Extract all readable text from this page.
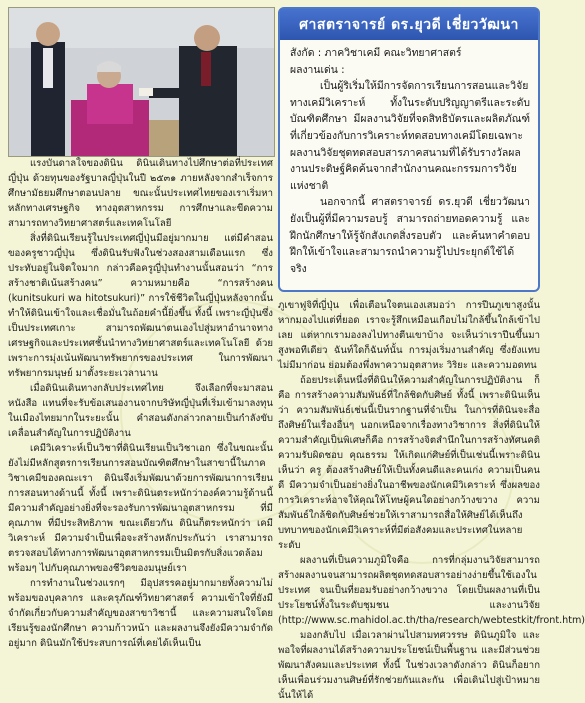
ศาสตราจารย์ ดร.ยุวดี เชี่ยววัฒนา

สังกัด : ภาควิชาเคมี คณะวิทยาศาสตร์

ผลงานเด่น :

เป็นผู้ริเริ่มให้มีการจัดการเรียนการสอนและวิจัยทางเคมีวิเคราะห์ ทั้งในระดับปริญญาตรีและระดับบัณฑิตศึกษา มีผลงานวิจัยที่จดสิทธิบัตรและผลิตภัณฑ์ที่เกี่ยวข้องกับการวิเคราะห์ทดสอบทางเคมีโดยเฉพาะ ผลงานวิจัยชุดทดสอบสารภาคสนามที่ได้รับรางวัลผลงานประดิษฐ์คิดค้นจากสำนักงานคณะกรรมการวิจัยแห่งชาติ

นอกจากนี้ ศาสตราจารย์ ดร.ยุวดี เชี่ยววัฒนา ยังเป็นผู้ที่มีความรอบรู้ สามารถถ่ายทอดความรู้ และฝึกนักศึกษาให้รู้จักสังเกตสิ่งรอบตัว และค้นหาคำตอบ ฝึกให้เข้าใจและสามารถนำความรู้ไปประยุกต์ใช้ได้จริง

แรงบันดาลใจของดินิน ดินินเดินทางไปศึกษาต่อที่ประเทศญี่ปุ่น ด้วยทุนของรัฐบาลญี่ปุ่นในปี ๒๕๓๑ ภายหลังจากสำเร็จการศึกษามัธยมศึกษาตอนปลาย ขณะนั้นประเทศไทยของเราเริ่มหาหลักทางเศรษฐกิจ ทางอุตสาหกรรม การศึกษาและขีดความสามารถทางวิทยาศาสตร์และเทคโนโลยี

สิ่งที่ดินินเรียนรู้ในประเทศญี่ปุ่นมีอยู่มากมาย แต่มีคำสอนของครูชาวญี่ปุ่น ซึ่งดินินรับฟังในช่วงสองสามเดือนแรก ซึ่งประทับอยู่ในจิตใจมาก กล่าวคือครูญี่ปุ่นทำงานนั้นสอนว่า “การสร้างชาติเน้นสร้างคน” ความหมายคือ “การสร้างคน (kunitsukuri wa hitotsukuri)” การใช้ชีวิตในญี่ปุ่นหลังจากนั้น ทำให้ดินินเข้าใจและเชื่อมั่นในถ้อยคำนี้ยิ่งขึ้น ทั้งนี้ เพราะญี่ปุ่นซึ่งเป็นประเทศเกาะ สามารถพัฒนาตนเองไปสู่มหาอำนาจทางเศรษฐกิจและประเทศชั้นนำทางวิทยาศาสตร์และเทคโนโลยี ด้วยเพราะการมุ่งเน้นพัฒนาทรัพยากรของประเทศ ในการพัฒนาทรัพยากรมนุษย์ มาตั้งระยะเวลานาน

เมื่อดินินเดินทางกลับประเทศไทย จึงเลือกที่จะมาสอนหนังสือ แทนที่จะรับข้อเสนองานจากบริษัทญี่ปุ่นที่เริ่มเข้ามาลงทุนในเมืองไทยมากในระยะนั้น คำสอนดังกล่าวกลายเป็นกำลังขับเคลื่อนสำคัญในการปฏิบัติงาน

เคมีวิเคราะห์เป็นวิชาที่ดินินเรียนเป็นวิชาเอก ซึ่งในขณะนั้นยังไม่มีหลักสูตรการเรียนการสอนบัณฑิตศึกษาในสาขานี้ในภาควิชาเคมีของคณะเรา ดินินจึงเริ่มพัฒนาด้วยการพัฒนาการเรียนการสอนทางด้านนี้ ทั้งนี้ เพราะดินินตระหนักว่าองค์ความรู้ด้านนี้ มีความสำคัญอย่างยิ่งที่จะรองรับการพัฒนาอุตสาหกรรม ที่มีคุณภาพ ที่มีประสิทธิภาพ ขณะเดียวกัน ดินินก็ตระหนักว่า เคมีวิเคราะห์ มีความจำเป็นเพื่อจะสร้างหลักประกันว่า เราสามารถตรวจสอบได้ทางการพัฒนาอุตสาหกรรมเป็นมิตรกับสิ่งแวดล้อม พร้อมๆ ไปกับคุณภาพของชีวิตของมนุษย์เรา

การทำงานในช่วงแรกๆ มีอุปสรรคอยู่มากมายทั้งความไม่พร้อมของบุคลากร และครุภัณฑ์วิทยาศาสตร์ ความเข้าใจที่ยังมีจำกัดเกี่ยวกับความสำคัญของสาขาวิชานี้ และความสนใจโดยเรียนรู้ของนักศึกษา ความก้าวหน้า และผลงานจึงยังมีความจำกัดอยู่มาก ดินินมักใช้ประสบการณ์ที่เคยได้เห็นเป็น

ภูเขาฟูจิที่ญี่ปุ่น เพื่อเตือนใจตนเองเสมอว่า การปีนภูเขาสูงนั้นหากมองไปแต่ที่ยอด เราจะรู้สึกเหมือนเกือบไม่ใกล้ขึ้นใกล้เข้าไปเลย แต่หากเรามองลงไปทางตีนเขาบ้าง จะเห็นว่าเราปีนขึ้นมาสูงพอทีเดียว ฉันท์ใดก็ฉันท์นั้น การมุ่งเริ่มงานสำคัญ ซึ่งยังแทบไม่มีมาก่อน ย่อมต้องพึ่งพาความอุตสาหะ วิริยะ และความอดทน

ถ้อยประเด็นหนึ่งที่ดินินให้ความสำคัญในการปฏิบัติงาน ก็คือ การสร้างความสัมพันธ์ที่ใกล้ชิดกับศิษย์ ทั้งนี้ เพราะดินินเห็นว่า ความสัมพันธ์เช่นนี้เป็นรากฐานที่จำเป็น ในการที่ดินินจะสื่อถึงศิษย์ในเรื่องอื่นๆ นอกเหนือจากเรื่องทางวิชาการ สิ่งที่ดินินให้ความสำคัญเป็นพิเศษก็คือ การสร้างจิตสำนึกในการสร้างทัศนคติความรับผิดชอบ คุณธรรม ให้เกิดแก่ศิษย์ที่เป็นเช่นนี้เพราะดินินเห็นว่า ครู ต้องสร้างศิษย์ให้เป็นทั้งคนดีและคนเก่ง ความเป็นคนดี มีความจำเป็นอย่างยิ่งในอาชีพของนักเคมีวิเคราะห์ ซึ่งผลของการวิเคราะห์อาจให้คุณให้โทษผู้คนใดอย่างกว้างขวาง ความสัมพันธ์ใกล้ชิดกับศิษย์ช่วยให้เราสามารถสื่อให้ศิษย์ได้เห็นถึงบทบาทของนักเคมีวิเคราะห์ที่มีต่อสังคมและประเทศในหลายระดับ

ผลงานที่เป็นความภูมิใจคือ การที่กลุ่มงานวิจัยสามารถสร้างผลงานจนสามารถผลิตชุดทดสอบสารอย่างง่ายขึ้นใช้เองในประเทศ จนเป็นที่ยอมรับอย่างกว้างขวาง โดยเป็นผลงานที่เป็นประโยชน์ทั้งในระดับชุมชน และงานวิจัย (http://www.sc.mahidol.ac.th/tha/research/webtestkit/front.htm)

มองกลับไป เมื่อเวลาผ่านไปสามทศวรรษ ดินินภูมิใจ และพอใจที่ผลงานได้สร้างความประโยชน์เป็นพื้นฐาน และมีส่วนช่วยพัฒนาสังคมและประเทศ ทั้งนี้ ในช่วงเวลาดังกล่าว ดินินก็อยากเห็นเพื่อนร่วมงานศิษย์ที่รักช่วยกันและกัน เพื่อเดินไปสู่เป้าหมายนั้นให้ได้
